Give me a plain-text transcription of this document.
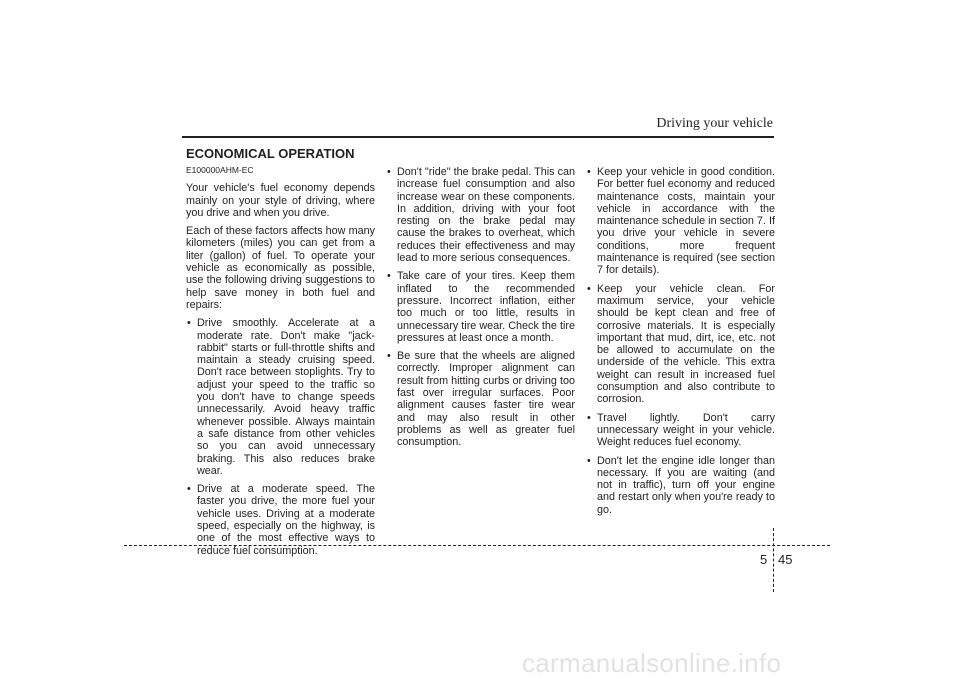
Driving your vehicle
ECONOMICAL OPERATION

E100000AHM-EC

Your vehicle's fuel economy depends mainly on your style of driving, where you drive and when you drive.

Each of these factors affects how many kilometers (miles) you can get from a liter (gallon) of fuel. To operate your vehicle as economically as possible, use the following driving suggestions to help save money in both fuel and repairs:

• Drive smoothly. Accelerate at a moderate rate. Don't make "jack-rabbit" starts or full-throttle shifts and maintain a steady cruising speed. Don't race between stoplights. Try to adjust your speed to the traffic so you don't have to change speeds unnecessarily. Avoid heavy traffic whenever possible. Always maintain a safe distance from other vehicles so you can avoid unnecessary braking. This also reduces brake wear.
• Drive at a moderate speed. The faster you drive, the more fuel your vehicle uses. Driving at a moderate speed, especially on the highway, is one of the most effective ways to reduce fuel consumption.
• Don't "ride" the brake pedal. This can increase fuel consumption and also increase wear on these components. In addition, driving with your foot resting on the brake pedal may cause the brakes to overheat, which reduces their effectiveness and may lead to more serious consequences.
• Take care of your tires. Keep them inflated to the recommended pressure. Incorrect inflation, either too much or too little, results in unnecessary tire wear. Check the tire pressures at least once a month.
• Be sure that the wheels are aligned correctly. Improper alignment can result from hitting curbs or driving too fast over irregular surfaces. Poor alignment causes faster tire wear and may also result in other problems as well as greater fuel consumption.
• Keep your vehicle in good condition. For better fuel economy and reduced maintenance costs, maintain your vehicle in accordance with the maintenance schedule in section 7. If you drive your vehicle in severe conditions, more frequent maintenance is required (see section 7 for details).
• Keep your vehicle clean. For maximum service, your vehicle should be kept clean and free of corrosive materials. It is especially important that mud, dirt, ice, etc. not be allowed to accumulate on the underside of the vehicle. This extra weight can result in increased fuel consumption and also contribute to corrosion.
• Travel lightly. Don't carry unnecessary weight in your vehicle. Weight reduces fuel economy.
• Don't let the engine idle longer than necessary. If you are waiting (and not in traffic), turn off your engine and restart only when you're ready to go.
5 45
carmanualsonline.info
